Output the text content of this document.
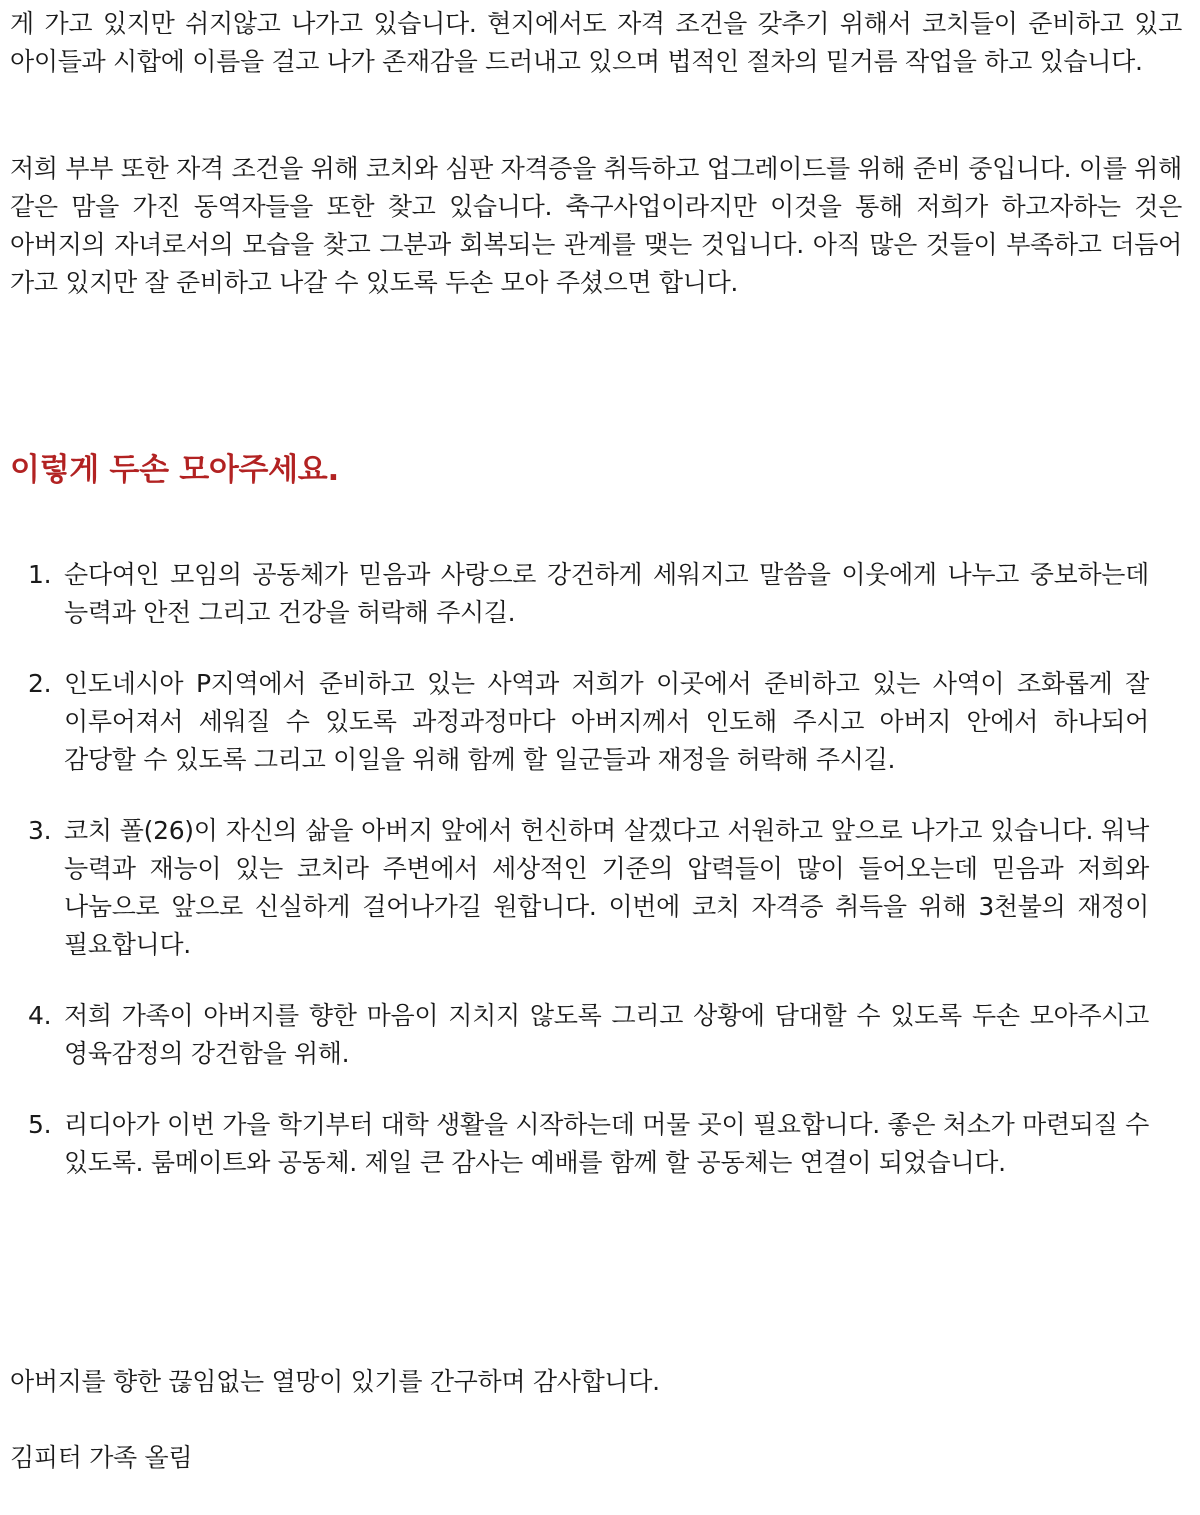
게 가고 있지만 쉬지않고 나가고 있습니다. 현지에서도 자격 조건을 갖추기 위해서 코치들이 준비하고 있고 아이들과 시합에 이름을 걸고 나가 존재감을 드러내고 있으며 법적인 절차의 밑거름 작업을 하고 있습니다.

저희 부부 또한 자격 조건을 위해 코치와 심판 자격증을 취득하고 업그레이드를 위해 준비 중입니다. 이를 위해 같은 맘을 가진 동역자들을 또한 찾고 있습니다. 축구사업이라지만 이것을 통해 저희가 하고자하는 것은 아버지의 자녀로서의 모습을 찾고 그분과 회복되는 관계를 맺는 것입니다. 아직 많은 것들이 부족하고 더듬어 가고 있지만 잘 준비하고 나갈 수 있도록 두손 모아 주셨으면 합니다.

이렇게 두손 모아주세요.
1. 순다여인 모임의 공동체가 믿음과 사랑으로 강건하게 세워지고 말씀을 이웃에게 나누고 중보하는데 능력과 안전 그리고 건강을 허락해 주시길.
2. 인도네시아 P지역에서 준비하고 있는 사역과 저희가 이곳에서 준비하고 있는 사역이 조화롭게 잘 이루어져서 세워질 수 있도록 과정과정마다 아버지께서 인도해 주시고 아버지 안에서 하나되어 감당할 수 있도록 그리고 이일을 위해 함께 할 일군들과 재정을 허락해 주시길.
3. 코치 폴(26)이 자신의 삶을 아버지 앞에서 헌신하며 살겠다고 서원하고 앞으로 나가고 있습니다. 워낙 능력과 재능이 있는 코치라 주변에서 세상적인 기준의 압력들이 많이 들어오는데 믿음과 저희와 나눔으로 앞으로 신실하게 걸어나가길 원합니다. 이번에 코치 자격증 취득을 위해 3천불의 재정이 필요합니다.
4. 저희 가족이 아버지를 향한 마음이 지치지 않도록 그리고 상황에 담대할 수 있도록 두손 모아주시고 영육감정의 강건함을 위해.
5. 리디아가 이번 가을 학기부터 대학 생활을 시작하는데 머물 곳이 필요합니다. 좋은 처소가 마련되질 수 있도록. 룸메이트와 공동체. 제일 큰 감사는 예배를 함께 할 공동체는 연결이 되었습니다.

아버지를 향한 끊임없는 열망이 있기를 간구하며 감사합니다.

김피터 가족 올림
